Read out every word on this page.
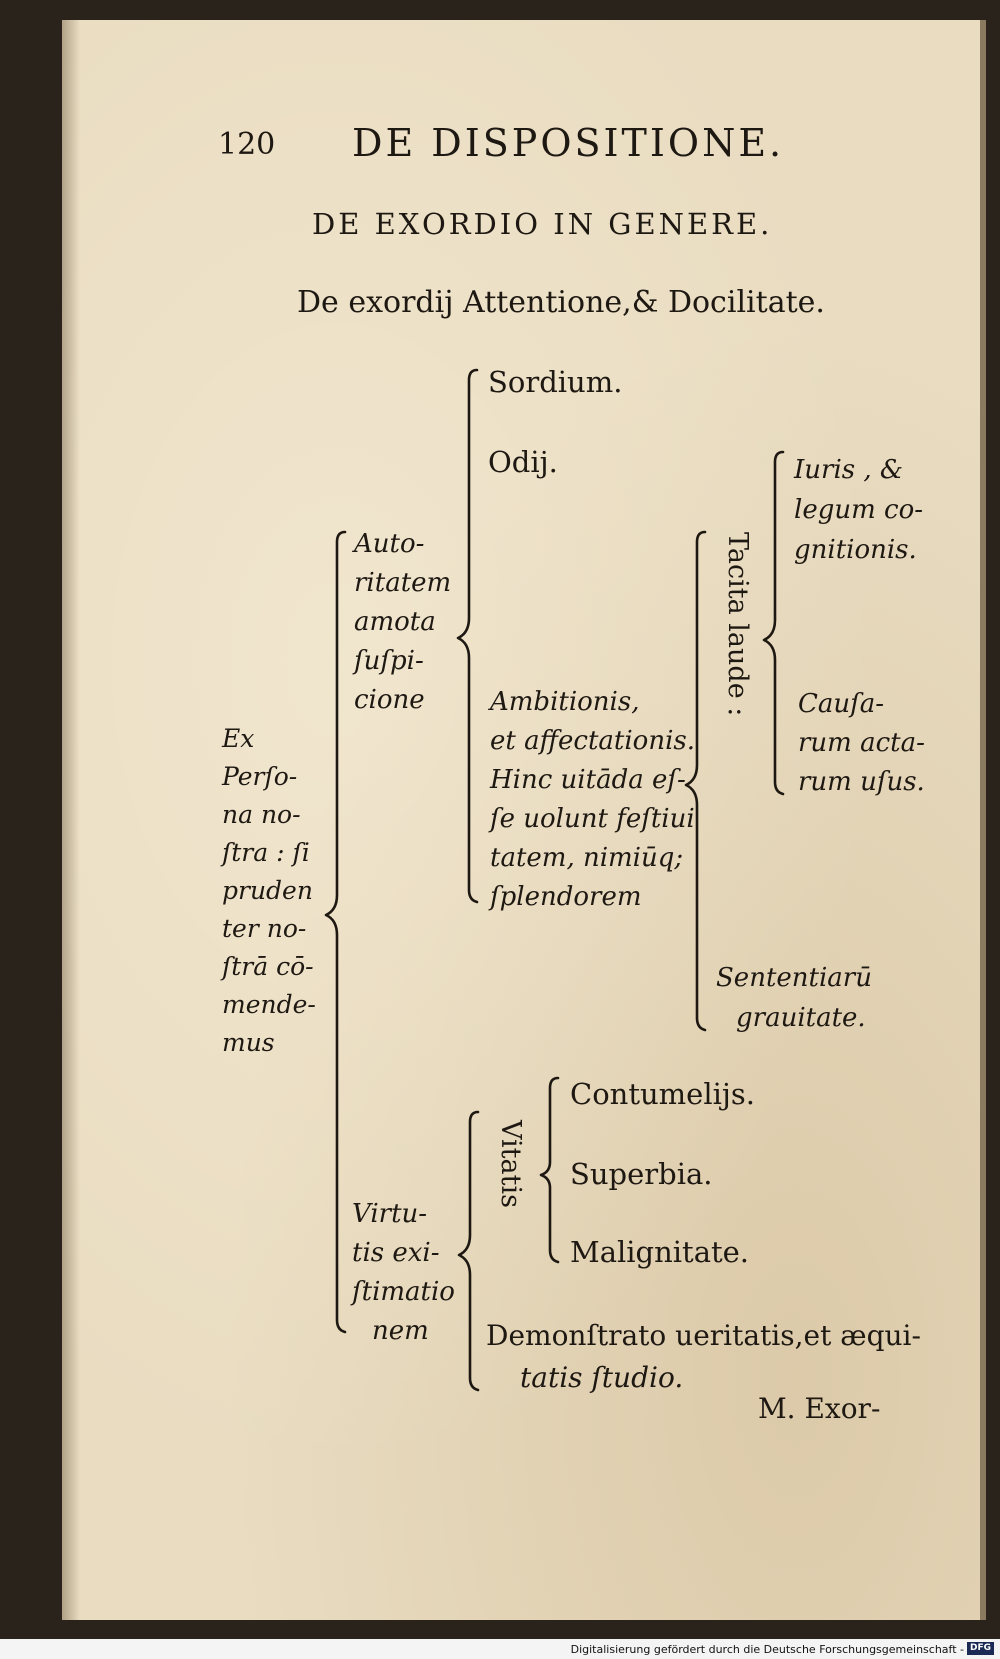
120 DE DISPOSITIONE.
DE EXORDIO IN GENERE.
De exordij Attentione,& Docilitate.
Ex
Perſo-
na no-
ſtra : ſi
pruden
ter no-
ſtrā cō-
mende-
mus
Auto-
ritatem
amota
ſuſpi-
cione
Sordium.
Odij.
Ambitionis,
et affectationis.
Hinc uitāda eſ-
ſe uolunt feſtiui
tatem, nimiūq;
ſplendorem
Tacita laude :
Iuris , &
legum co-
gnitionis.
Cauſa-
rum acta-
rum uſus.
Sententiarū
grauitate.
Virtu-
tis exi-
ſtimatio
nem
Vitatis
Contumelijs.
Superbia.
Malignitate.
Demonſtrato ueritatis,et æqui-
tatis ſtudio.
M. Exor-
Digitalisierung gefördert durch die Deutsche Forschungsgemeinschaft - DFG
